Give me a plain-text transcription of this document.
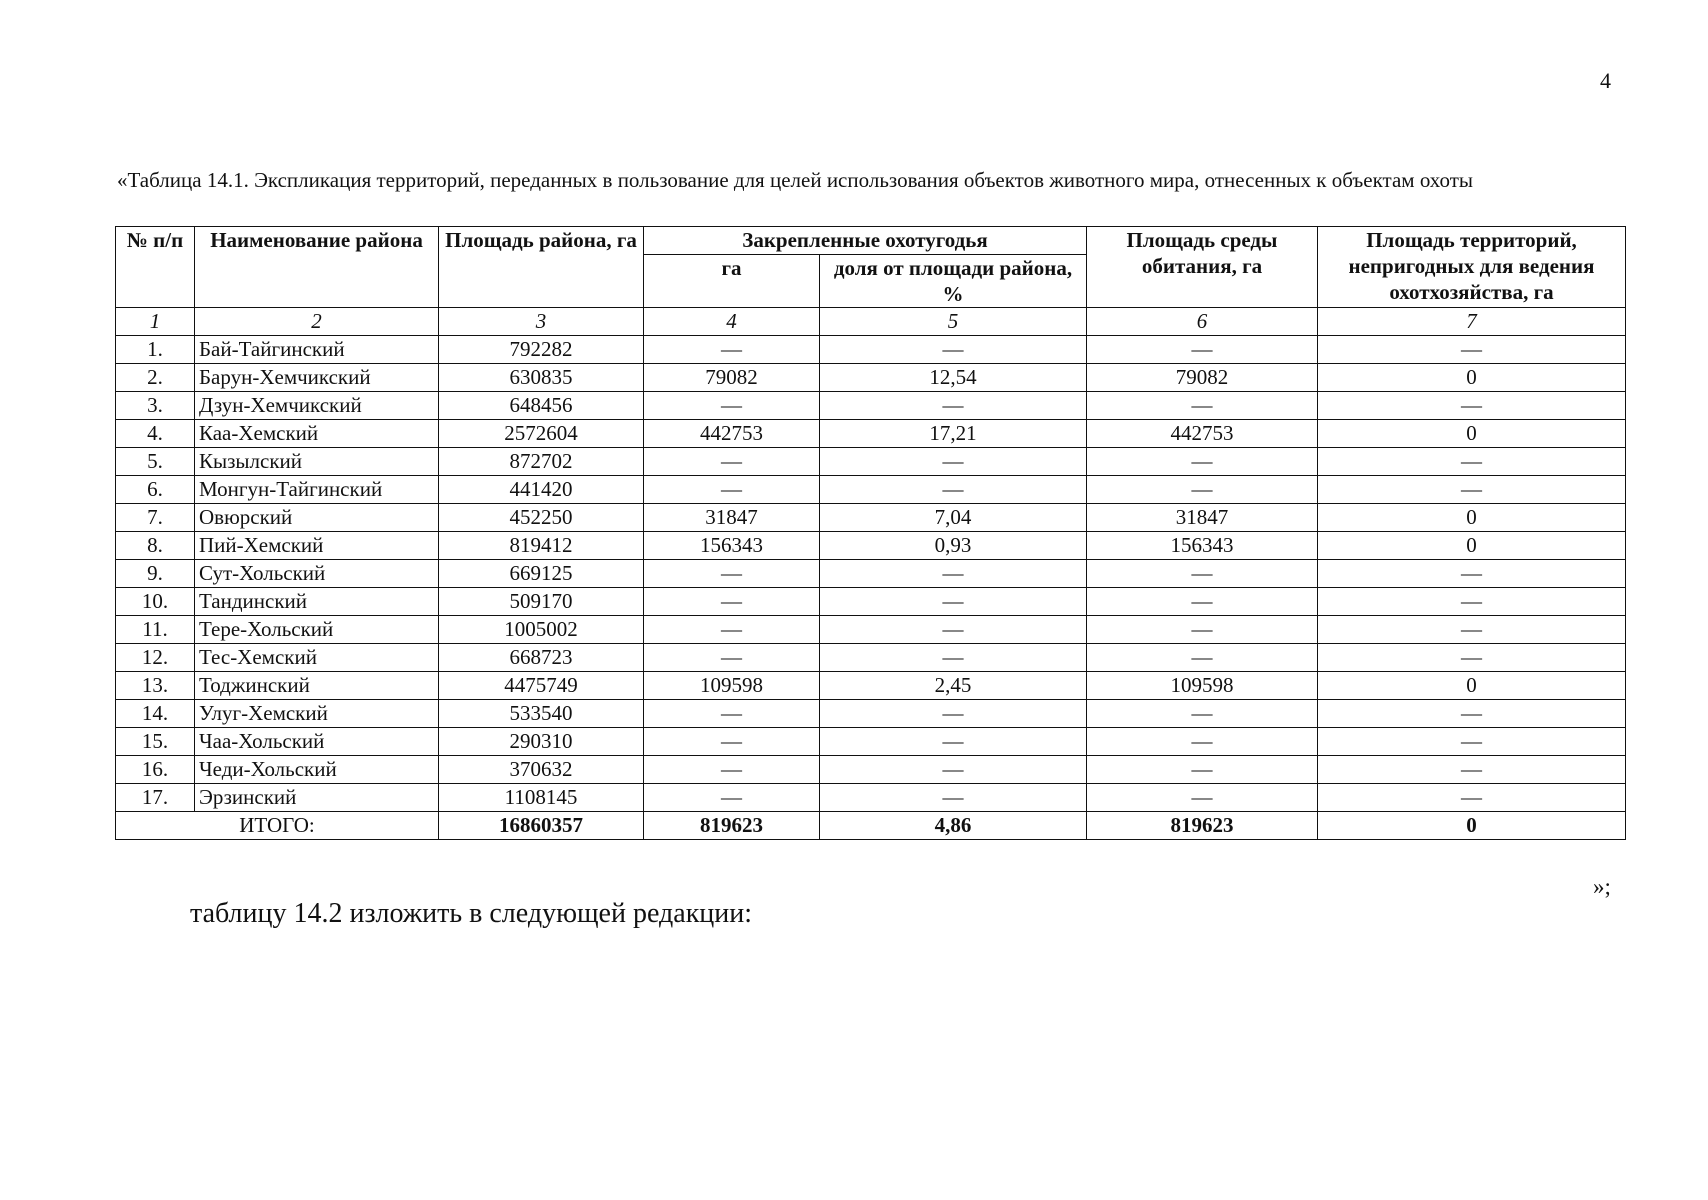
4
«Таблица 14.1. Экспликация территорий, переданных в пользование для целей использования объектов животного мира, отнесенных к объектам охоты
№ п/п	Наименование района	Площадь района, га	Закрепленные охотугодья		Площадь среды обитания, га	Площадь территорий, непригодных для ведения охотхозяйства, га
			га	доля от площади района, %		
1	2	3	4	5	6	7
1.	Бай-Тайгинский	792282	—	—	—	—
2.	Барун-Хемчикский	630835	79082	12,54	79082	0
3.	Дзун-Хемчикский	648456	—	—	—	—
4.	Каа-Хемский	2572604	442753	17,21	442753	0
5.	Кызылский	872702	—	—	—	—
6.	Монгун-Тайгинский	441420	—	—	—	—
7.	Овюрский	452250	31847	7,04	31847	0
8.	Пий-Хемский	819412	156343	0,93	156343	0
9.	Сут-Хольский	669125	—	—	—	—
10.	Тандинский	509170	—	—	—	—
11.	Тере-Хольский	1005002	—	—	—	—
12.	Тес-Хемский	668723	—	—	—	—
13.	Тоджинский	4475749	109598	2,45	109598	0
14.	Улуг-Хемский	533540	—	—	—	—
15.	Чаа-Хольский	290310	—	—	—	—
16.	Чеди-Хольский	370632	—	—	—	—
17.	Эрзинский	1108145	—	—	—	—
ИТОГО:		16860357	819623	4,86	819623	0
»;
таблицу 14.2 изложить в следующей редакции:
